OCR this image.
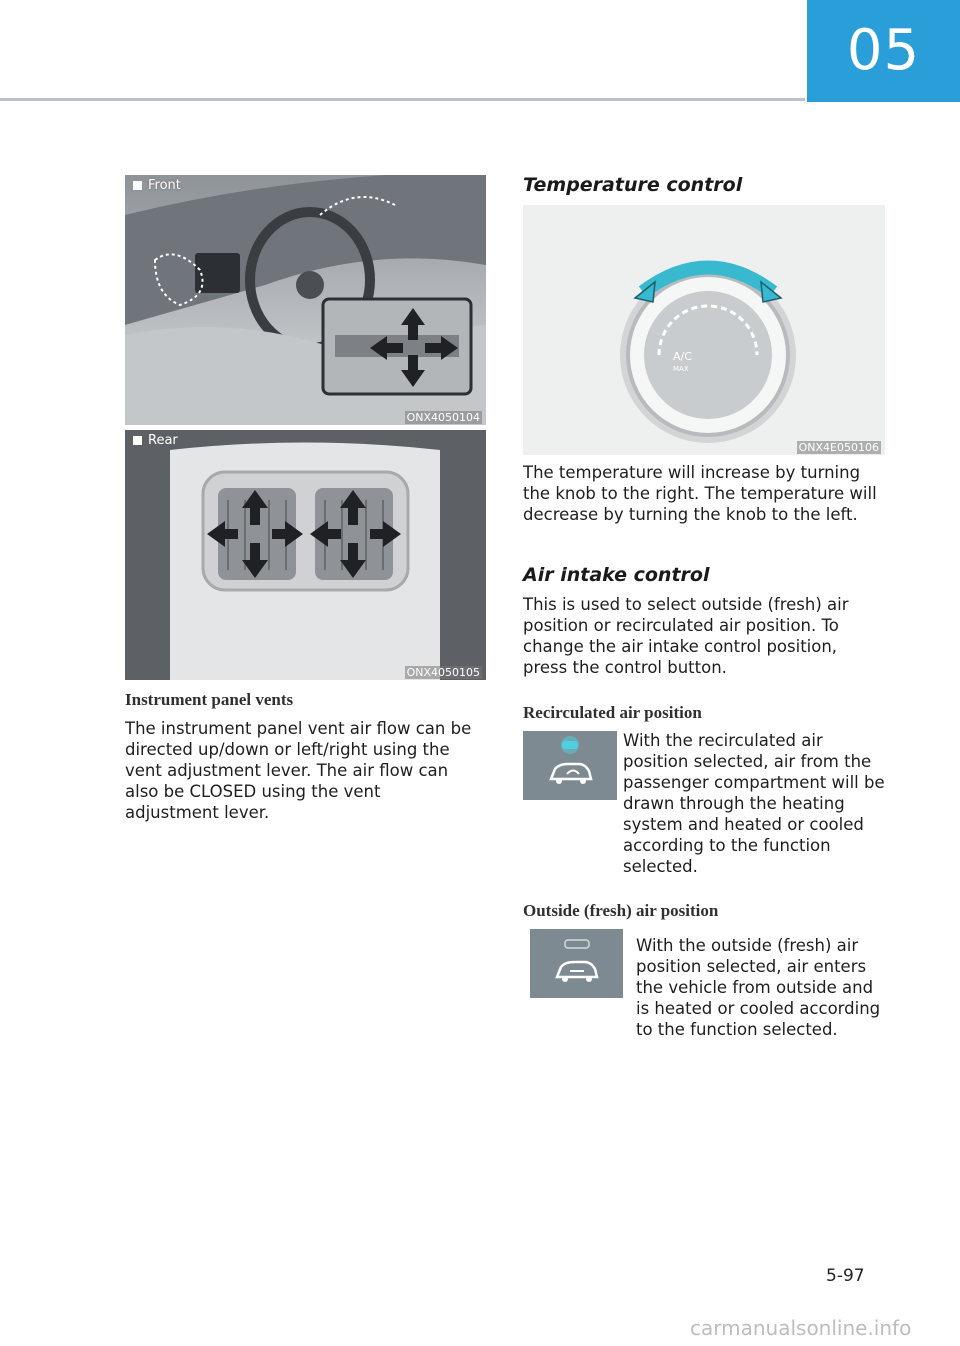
05
Front
ONX4050104
Rear
ONX4050105
Instrument panel vents
The instrument panel vent air flow can be directed up/down or left/right using the vent adjustment lever. The air flow can also be CLOSED using the vent adjustment lever.
Temperature control
A/C
MAX
ONX4E050106
The temperature will increase by turning the knob to the right. The temperature will decrease by turning the knob to the left.
Air intake control
This is used to select outside (fresh) air position or recirculated air position. To change the air intake control position, press the control button.
Recirculated air position
With the recirculated air position selected, air from the passenger compartment will be drawn through the heating system and heated or cooled according to the function selected.
Outside (fresh) air position
With the outside (fresh) air position selected, air enters the vehicle from outside and is heated or cooled according to the function selected.
5-97
carmanualsonline.info
